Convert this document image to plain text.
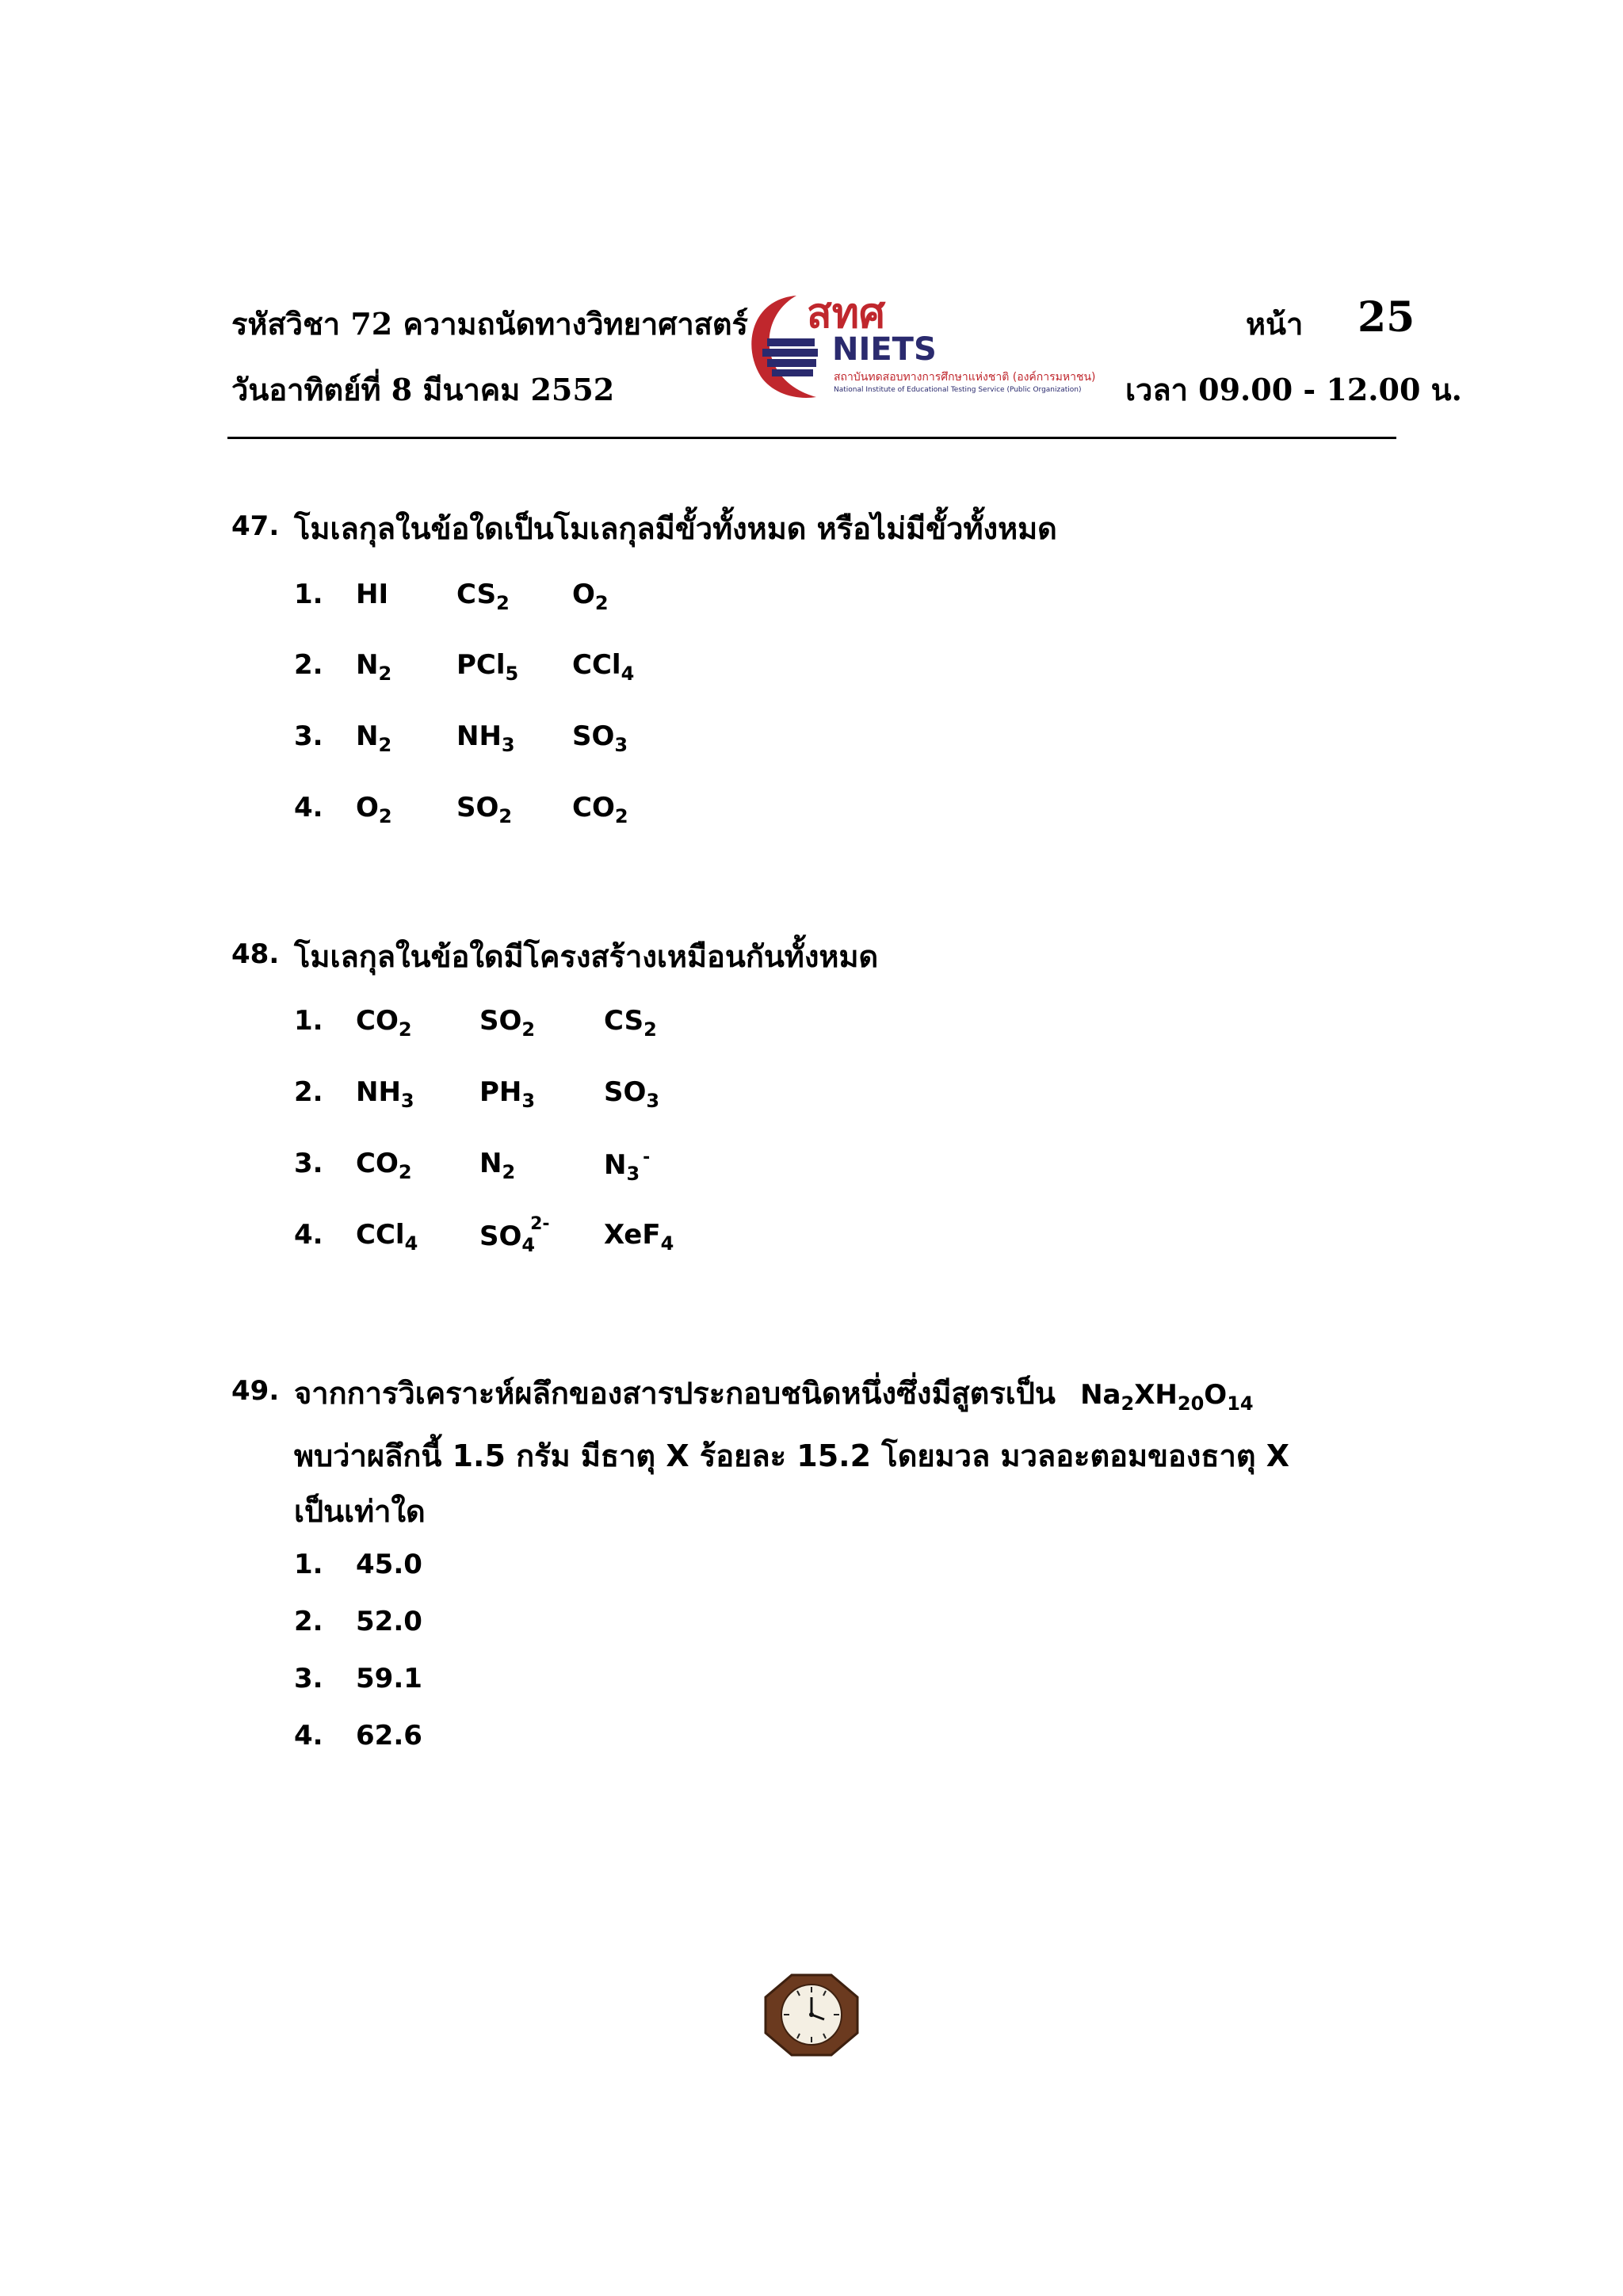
รหัสวิชา 72 ความถนัดทางวิทยาศาสตร์
วันอาทิตย์ที่ 8 มีนาคม 2552
หน้า 25
เวลา 09.00 - 12.00 น.
สทศ
NIETS
สถาบันทดสอบทางการศึกษาแห่งชาติ (องค์การมหาชน)
National Institute of Educational Testing Service (Public Organization)
47. โมเลกุลในข้อใดเป็นโมเลกุลมีขั้วทั้งหมด หรือไม่มีขั้วทั้งหมด
1. HI	$CS_2$ $O_2$
2. $N_2$ PCl$_5$ CCl$_4$
3. $N_2$ $NH_3$ $SO_3$
4. $O_2$ $SO_2$ $CO_2$
48. โมเลกุลในข้อใดมีโครงสร้างเหมือนกันทั้งหมด
1. $CO_2$	$SO_2$	$CS_2$
2. $NH_3$ $PH_3$	$SO_3$
3. $CO_2$	$N_2$	$N_3^-$
4. CCl$_4$ $SO_4^{2-}$ XeF$_4$
49. จากการวิเคราะห์ผลึกของสารประกอบชนิดหนึ่งซึ่งมีสูตรเป็น $Na_2XH_{20}O_{14}$
พบว่าผลึกนี้ 1.5 กรัม มีธาตุ X ร้อยละ 15.2 โดยมวล มวลอะตอมของธาตุ X
เป็นเท่าใด
1. 45.0
2. 52.0
3. 59.1
4. 62.6
